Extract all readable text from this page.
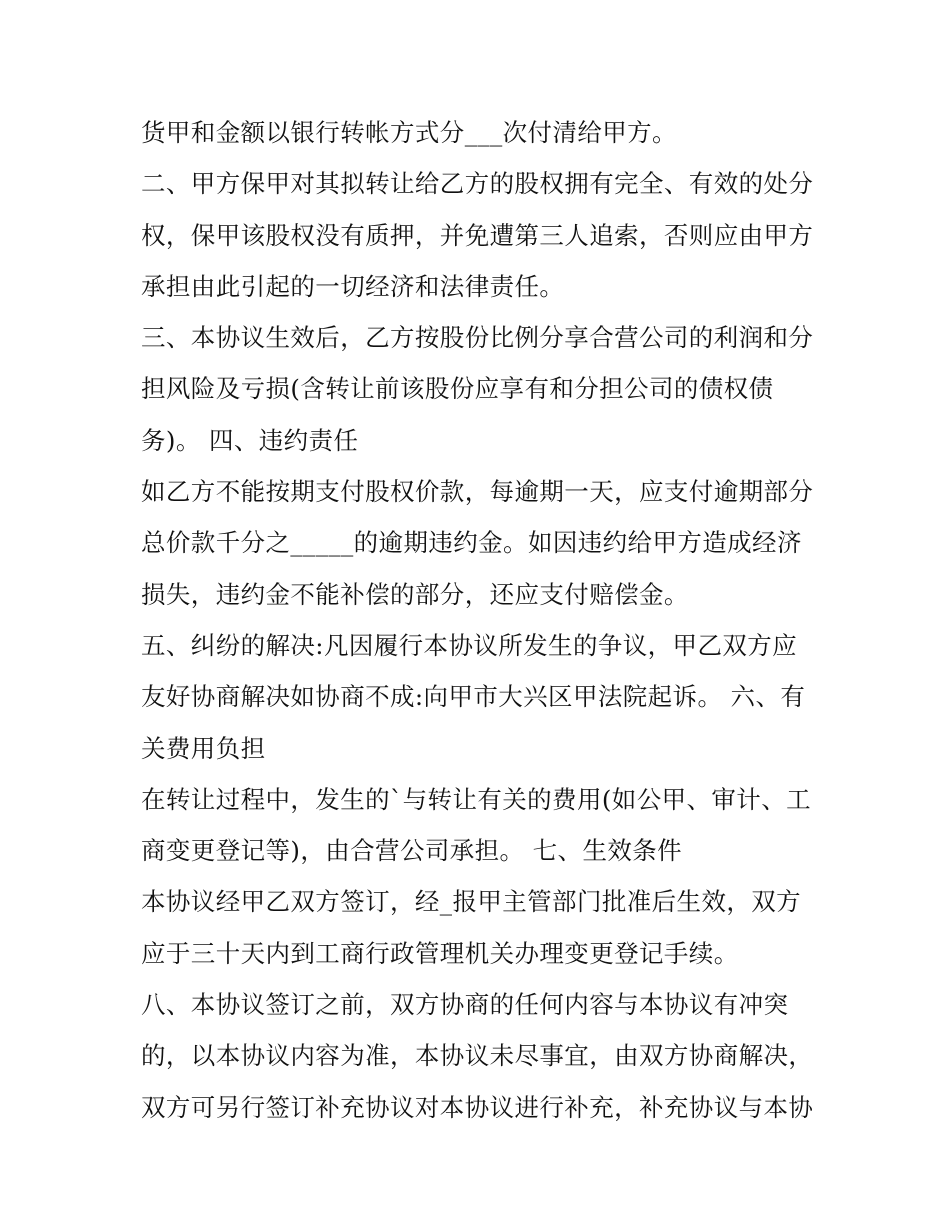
货甲和金额以银行转帐方式分___次付清给甲方。
二、甲方保甲对其拟转让给乙方的股权拥有完全、有效的处分
权，保甲该股权没有质押，并免遭第三人追索，否则应由甲方
承担由此引起的一切经济和法律责任。
三、本协议生效后，乙方按股份比例分享合营公司的利润和分
担风险及亏损(含转让前该股份应享有和分担公司的债权债
务)。 四、违约责任
如乙方不能按期支付股权价款，每逾期一天，应支付逾期部分
总价款千分之_____的逾期违约金。如因违约给甲方造成经济
损失，违约金不能补偿的部分，还应支付赔偿金。
五、纠纷的解决:凡因履行本协议所发生的争议，甲乙双方应
友好协商解决如协商不成:向甲市大兴区甲法院起诉。 六、有
关费用负担
在转让过程中，发生的`与转让有关的费用(如公甲、审计、工
商变更登记等)，由合营公司承担。 七、生效条件
本协议经甲乙双方签订，经_报甲主管部门批准后生效，双方
应于三十天内到工商行政管理机关办理变更登记手续。
八、本协议签订之前，双方协商的任何内容与本协议有冲突
的，以本协议内容为准，本协议未尽事宜，由双方协商解决，
双方可另行签订补充协议对本协议进行补充，补充协议与本协
